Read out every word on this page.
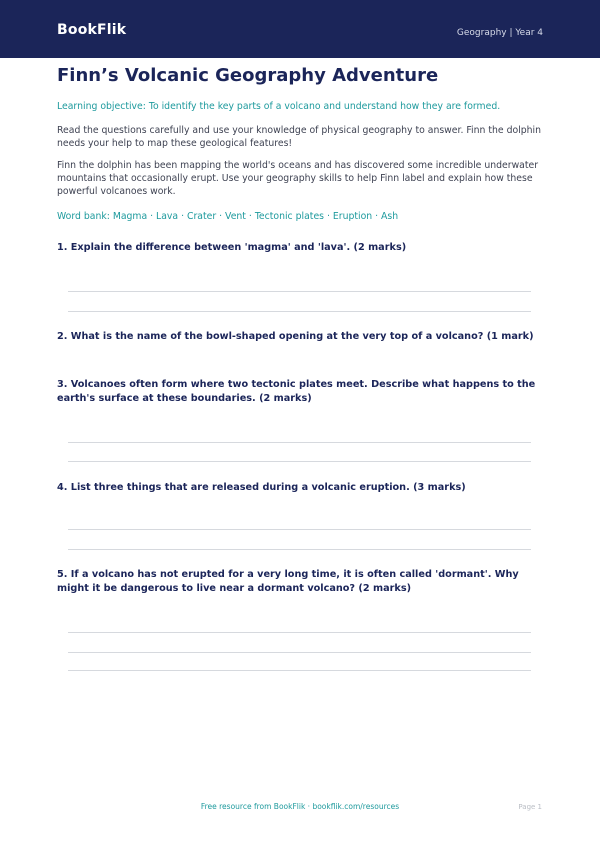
BookFlik	Geography | Year 4
Finn’s Volcanic Geography Adventure
Learning objective: To identify the key parts of a volcano and understand how they are formed.

Read the questions carefully and use your knowledge of physical geography to answer. Finn the dolphin needs your help to map these geological features!

Finn the dolphin has been mapping the world's oceans and has discovered some incredible underwater mountains that occasionally erupt. Use your geography skills to help Finn label and explain how these powerful volcanoes work.

Word bank: Magma · Lava · Crater · Vent · Tectonic plates · Eruption · Ash

1. Explain the difference between 'magma' and 'lava'. (2 marks)

2. What is the name of the bowl-shaped opening at the very top of a volcano? (1 mark)

3. Volcanoes often form where two tectonic plates meet. Describe what happens to the earth's surface at these boundaries. (2 marks)

4. List three things that are released during a volcanic eruption. (3 marks)

5. If a volcano has not erupted for a very long time, it is often called 'dormant'. Why might it be dangerous to live near a dormant volcano? (2 marks)

Free resource from BookFlik · bookflik.com/resources	Page 1
